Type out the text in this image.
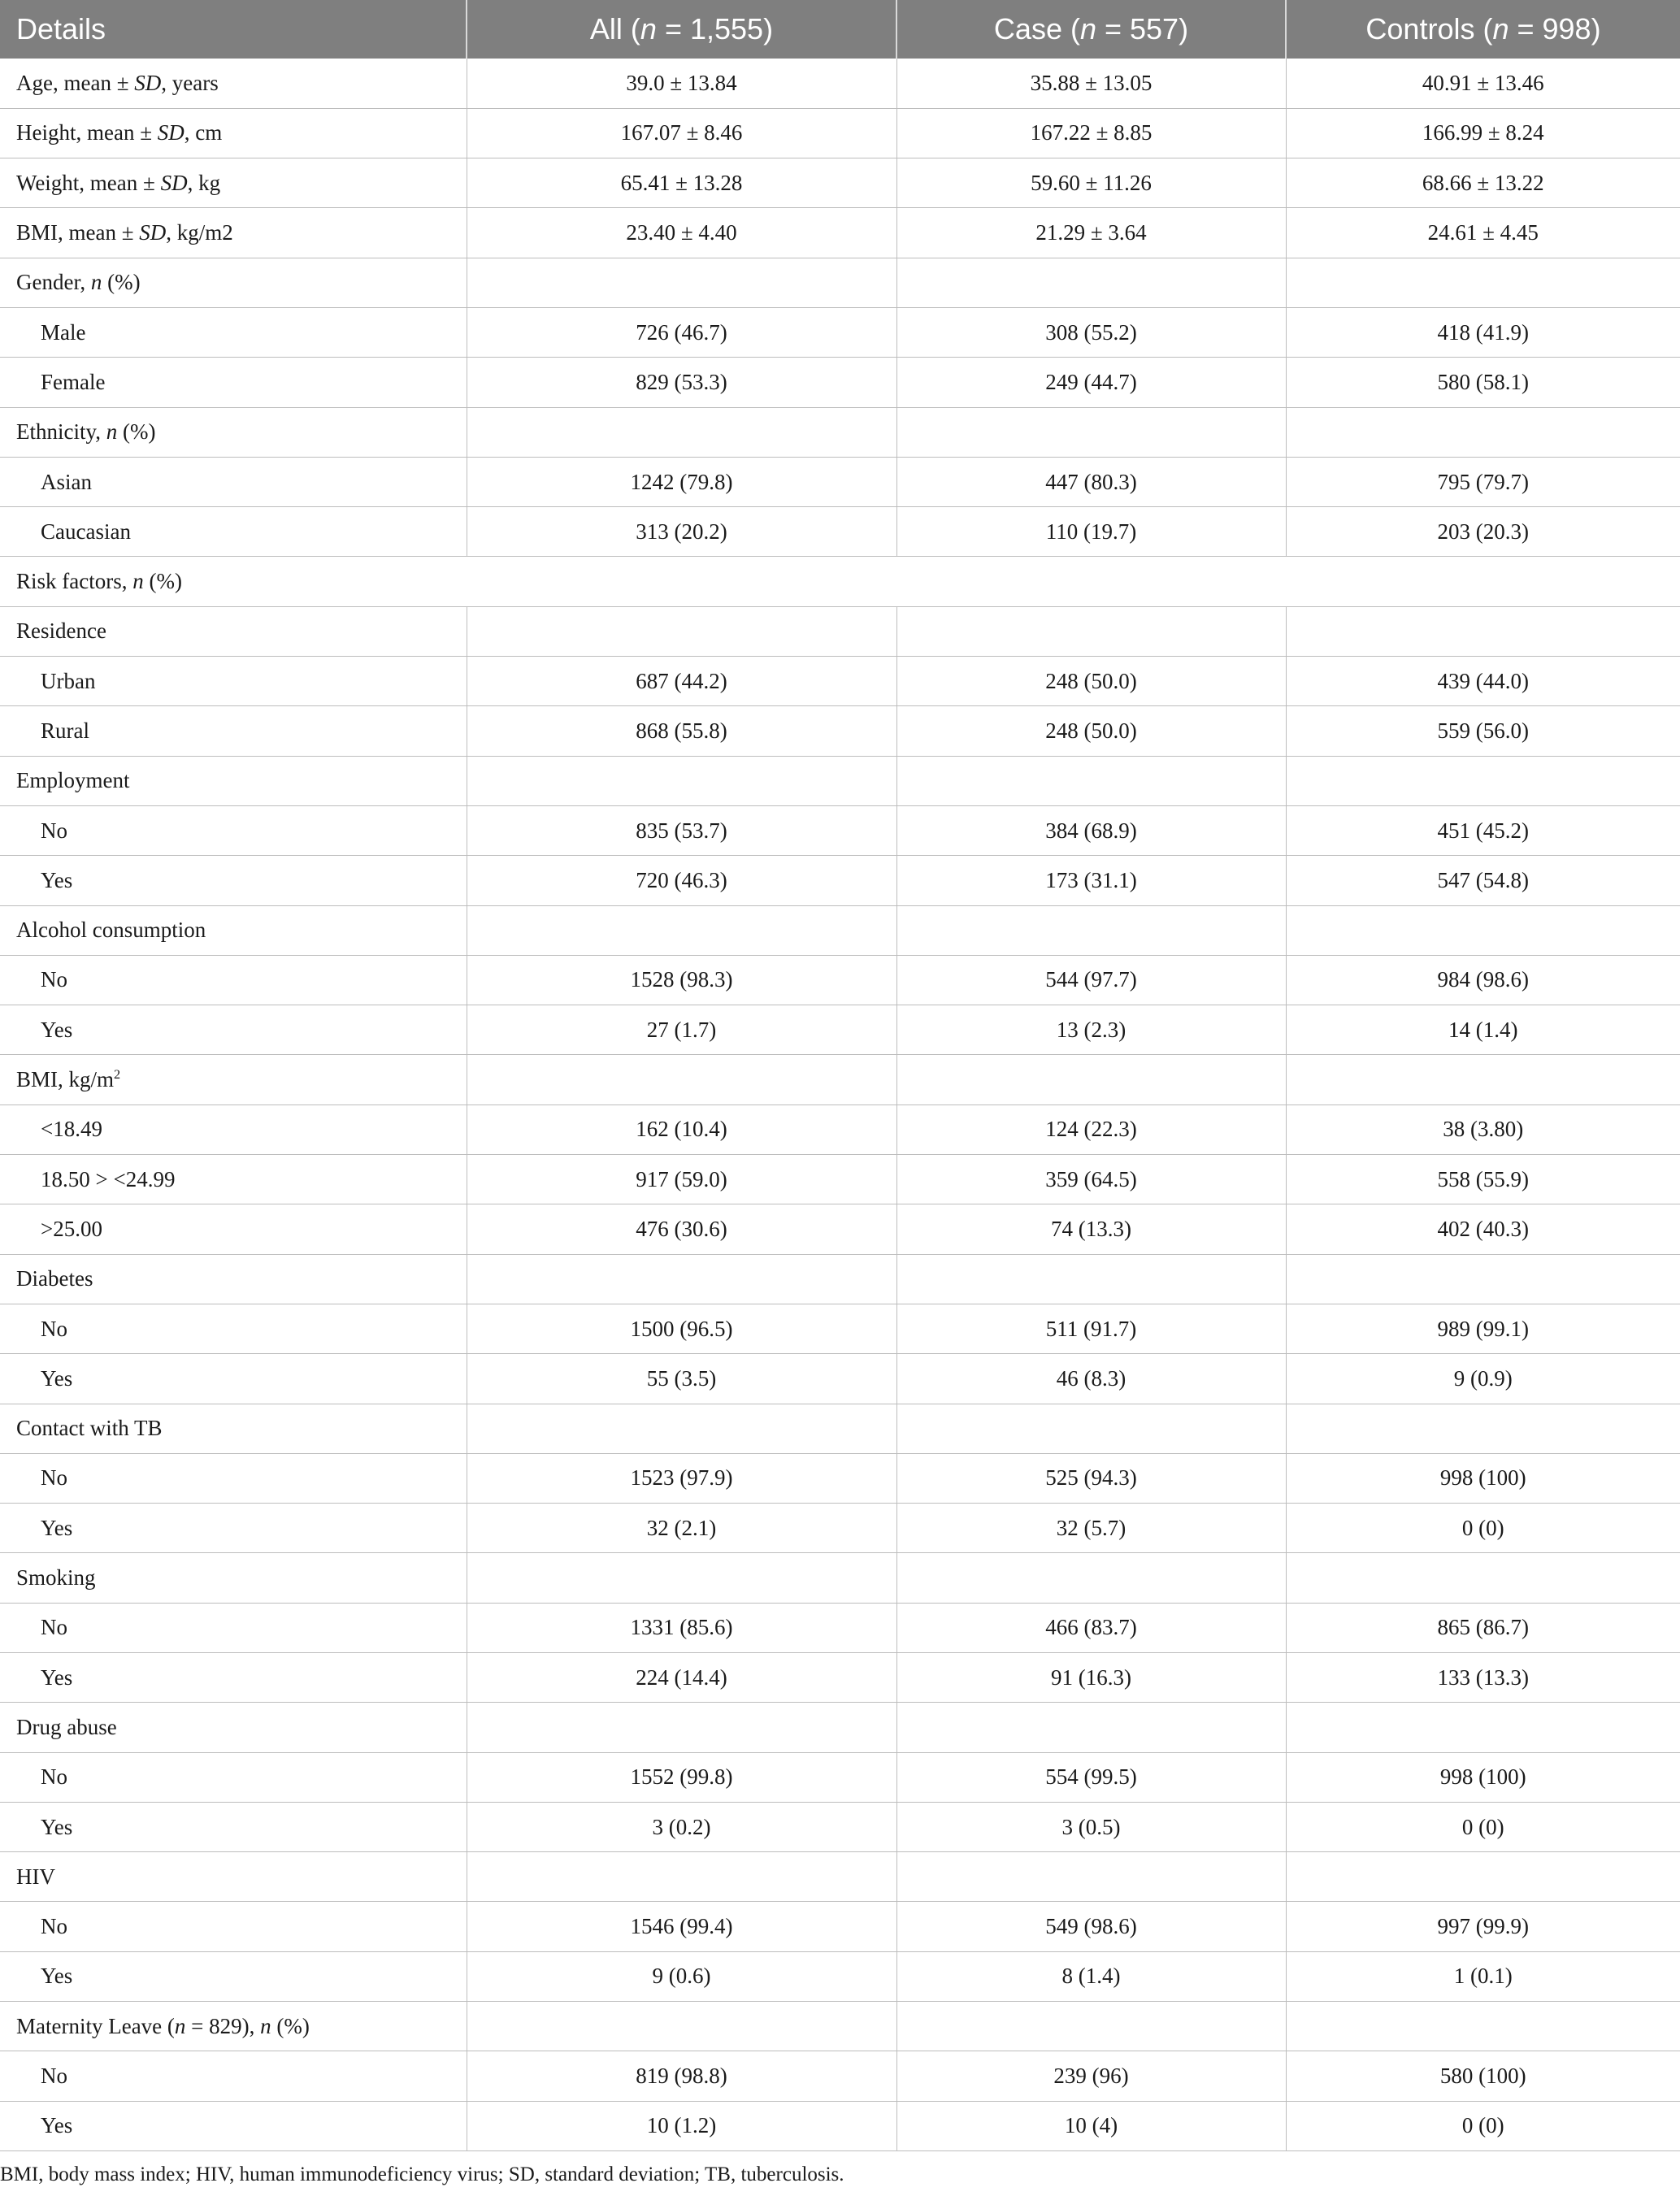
Details	All (n = 1,555)	Case (n = 557)	Controls (n = 998)
Age, mean ± SD, years	39.0 ± 13.84	35.88 ± 13.05	40.91 ± 13.46
Height, mean ± SD, cm	167.07 ± 8.46	167.22 ± 8.85	166.99 ± 8.24
Weight, mean ± SD, kg	65.41 ± 13.28	59.60 ± 11.26	68.66 ± 13.22
BMI, mean ± SD, kg/m2	23.40 ± 4.40	21.29 ± 3.64	24.61 ± 4.45
Gender, n (%)			
Male	726 (46.7)	308 (55.2)	418 (41.9)
Female	829 (53.3)	249 (44.7)	580 (58.1)
Ethnicity, n (%)			
Asian	1242 (79.8)	447 (80.3)	795 (79.7)
Caucasian	313 (20.2)	110 (19.7)	203 (20.3)
Risk factors, n (%)			
Residence			
Urban	687 (44.2)	248 (50.0)	439 (44.0)
Rural	868 (55.8)	248 (50.0)	559 (56.0)
Employment			
No	835 (53.7)	384 (68.9)	451 (45.2)
Yes	720 (46.3)	173 (31.1)	547 (54.8)
Alcohol consumption			
No	1528 (98.3)	544 (97.7)	984 (98.6)
Yes	27 (1.7)	13 (2.3)	14 (1.4)
BMI, $kg/m^2$			
<18.49	162 (10.4)	124 (22.3)	38 (3.80)
18.50 > <24.99	917 (59.0)	359 (64.5)	558 (55.9)
>25.00	476 (30.6)	74 (13.3)	402 (40.3)
Diabetes			
No	1500 (96.5)	511 (91.7)	989 (99.1)
Yes	55 (3.5)	46 (8.3)	9 (0.9)
Contact with TB			
No	1523 (97.9)	525 (94.3)	998 (100)
Yes	32 (2.1)	32 (5.7)	0 (0)
Smoking			
No	1331 (85.6)	466 (83.7)	865 (86.7)
Yes	224 (14.4)	91 (16.3)	133 (13.3)
Drug abuse			
No	1552 (99.8)	554 (99.5)	998 (100)
Yes	3 (0.2)	3 (0.5)	0 (0)
HIV			
No	1546 (99.4)	549 (98.6)	997 (99.9)
Yes	9 (0.6)	8 (1.4)	1 (0.1)
Maternity Leave (n = 829), n (%)			
No	819 (98.8)	239 (96)	580 (100)
Yes	10 (1.2)	10 (4)	0 (0)
BMI, body mass index; HIV, human immunodeficiency virus; SD, standard deviation; TB, tuberculosis.
